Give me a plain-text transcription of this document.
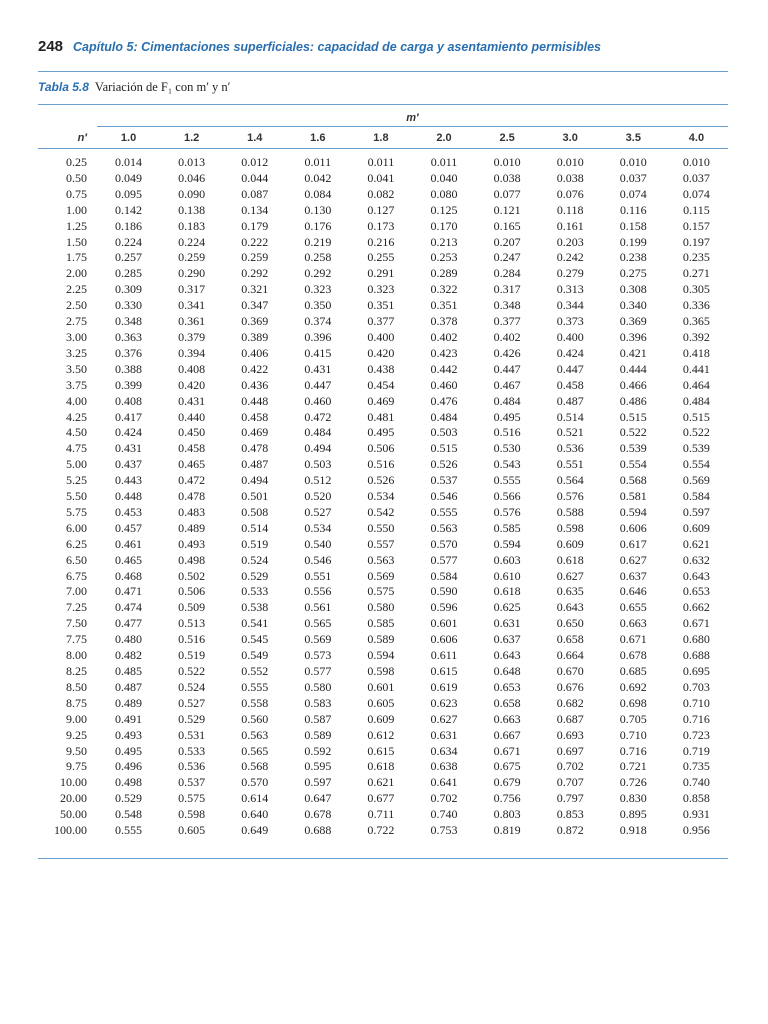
248 Capítulo 5: Cimentaciones superficiales: capacidad de carga y asentamiento permisibles
Tabla 5.8 Variación de F₁ con m′ y n′
m′
n′	1.0	1.2	1.4	1.6	1.8	2.0	2.5	3.0	3.5	4.0
0.25	0.014	0.013	0.012	0.011	0.011	0.011	0.010	0.010	0.010	0.010
0.50	0.049	0.046	0.044	0.042	0.041	0.040	0.038	0.038	0.037	0.037
0.75	0.095	0.090	0.087	0.084	0.082	0.080	0.077	0.076	0.074	0.074
1.00	0.142	0.138	0.134	0.130	0.127	0.125	0.121	0.118	0.116	0.115
1.25	0.186	0.183	0.179	0.176	0.173	0.170	0.165	0.161	0.158	0.157
1.50	0.224	0.224	0.222	0.219	0.216	0.213	0.207	0.203	0.199	0.197
1.75	0.257	0.259	0.259	0.258	0.255	0.253	0.247	0.242	0.238	0.235
2.00	0.285	0.290	0.292	0.292	0.291	0.289	0.284	0.279	0.275	0.271
2.25	0.309	0.317	0.321	0.323	0.323	0.322	0.317	0.313	0.308	0.305
2.50	0.330	0.341	0.347	0.350	0.351	0.351	0.348	0.344	0.340	0.336
2.75	0.348	0.361	0.369	0.374	0.377	0.378	0.377	0.373	0.369	0.365
3.00	0.363	0.379	0.389	0.396	0.400	0.402	0.402	0.400	0.396	0.392
3.25	0.376	0.394	0.406	0.415	0.420	0.423	0.426	0.424	0.421	0.418
3.50	0.388	0.408	0.422	0.431	0.438	0.442	0.447	0.447	0.444	0.441
3.75	0.399	0.420	0.436	0.447	0.454	0.460	0.467	0.458	0.466	0.464
4.00	0.408	0.431	0.448	0.460	0.469	0.476	0.484	0.487	0.486	0.484
4.25	0.417	0.440	0.458	0.472	0.481	0.484	0.495	0.514	0.515	0.515
4.50	0.424	0.450	0.469	0.484	0.495	0.503	0.516	0.521	0.522	0.522
4.75	0.431	0.458	0.478	0.494	0.506	0.515	0.530	0.536	0.539	0.539
5.00	0.437	0.465	0.487	0.503	0.516	0.526	0.543	0.551	0.554	0.554
5.25	0.443	0.472	0.494	0.512	0.526	0.537	0.555	0.564	0.568	0.569
5.50	0.448	0.478	0.501	0.520	0.534	0.546	0.566	0.576	0.581	0.584
5.75	0.453	0.483	0.508	0.527	0.542	0.555	0.576	0.588	0.594	0.597
6.00	0.457	0.489	0.514	0.534	0.550	0.563	0.585	0.598	0.606	0.609
6.25	0.461	0.493	0.519	0.540	0.557	0.570	0.594	0.609	0.617	0.621
6.50	0.465	0.498	0.524	0.546	0.563	0.577	0.603	0.618	0.627	0.632
6.75	0.468	0.502	0.529	0.551	0.569	0.584	0.610	0.627	0.637	0.643
7.00	0.471	0.506	0.533	0.556	0.575	0.590	0.618	0.635	0.646	0.653
7.25	0.474	0.509	0.538	0.561	0.580	0.596	0.625	0.643	0.655	0.662
7.50	0.477	0.513	0.541	0.565	0.585	0.601	0.631	0.650	0.663	0.671
7.75	0.480	0.516	0.545	0.569	0.589	0.606	0.637	0.658	0.671	0.680
8.00	0.482	0.519	0.549	0.573	0.594	0.611	0.643	0.664	0.678	0.688
8.25	0.485	0.522	0.552	0.577	0.598	0.615	0.648	0.670	0.685	0.695
8.50	0.487	0.524	0.555	0.580	0.601	0.619	0.653	0.676	0.692	0.703
8.75	0.489	0.527	0.558	0.583	0.605	0.623	0.658	0.682	0.698	0.710
9.00	0.491	0.529	0.560	0.587	0.609	0.627	0.663	0.687	0.705	0.716
9.25	0.493	0.531	0.563	0.589	0.612	0.631	0.667	0.693	0.710	0.723
9.50	0.495	0.533	0.565	0.592	0.615	0.634	0.671	0.697	0.716	0.719
9.75	0.496	0.536	0.568	0.595	0.618	0.638	0.675	0.702	0.721	0.735
10.00	0.498	0.537	0.570	0.597	0.621	0.641	0.679	0.707	0.726	0.740
20.00	0.529	0.575	0.614	0.647	0.677	0.702	0.756	0.797	0.830	0.858
50.00	0.548	0.598	0.640	0.678	0.711	0.740	0.803	0.853	0.895	0.931
100.00	0.555	0.605	0.649	0.688	0.722	0.753	0.819	0.872	0.918	0.956
